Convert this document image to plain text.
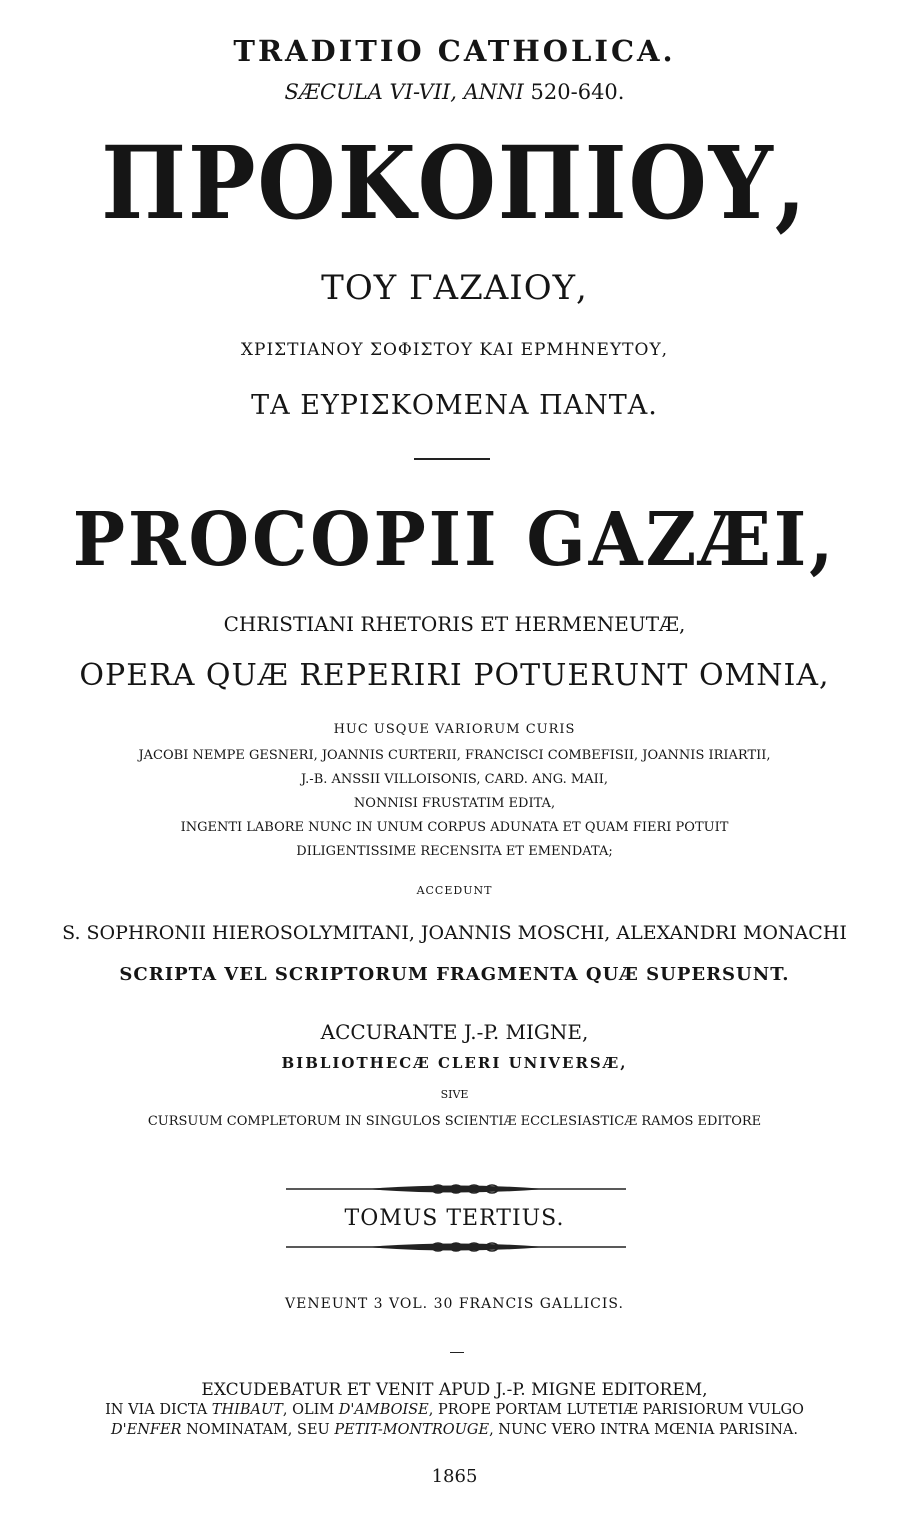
TRADITIO CATHOLICA.
SÆCULA VI-VII, ANNI 520-640.
ΠΡΟΚΟΠΙΟΥ,
ΤΟΥ ΓΑΖΑΙΟΥ,
ΧΡΙΣΤΙΑΝΟΥ ΣΟΦΙΣΤΟΥ ΚΑΙ ΕΡΜΗΝΕΥΤΟΥ,
ΤΑ ΕΥΡΙΣΚΟΜΕΝΑ ΠΑΝΤΑ.
PROCOPII GAZÆI,
CHRISTIANI RHETORIS ET HERMENEUTÆ,
OPERA QUÆ REPERIRI POTUERUNT OMNIA,
HUC USQUE VARIORUM CURIS
JACOBI NEMPE GESNERI, JOANNIS CURTERII, FRANCISCI COMBEFISII, JOANNIS IRIARTII,
J.-B. ANSSII VILLOISONIS, CARD. ANG. MAII,
NONNISI FRUSTATIM EDITA,
INGENTI LABORE NUNC IN UNUM CORPUS ADUNATA ET QUAM FIERI POTUIT
DILIGENTISSIME RECENSITA ET EMENDATA;
ACCEDUNT
S. SOPHRONII HIEROSOLYMITANI, JOANNIS MOSCHI, ALEXANDRI MONACHI
SCRIPTA VEL SCRIPTORUM FRAGMENTA QUÆ SUPERSUNT.
ACCURANTE J.-P. MIGNE,
BIBLIOTHECÆ CLERI UNIVERSÆ,
SIVE
CURSUUM COMPLETORUM IN SINGULOS SCIENTIÆ ECCLESIASTICÆ RAMOS EDITORE
TOMUS TERTIUS.
VENEUNT 3 VOL. 30 FRANCIS GALLICIS.
EXCUDEBATUR ET VENIT APUD J.-P. MIGNE EDITOREM,
IN VIA DICTA THIBAUT, OLIM D'AMBOISE, PROPE PORTAM LUTETIÆ PARISIORUM VULGO
D'ENFER NOMINATAM, SEU PETIT-MONTROUGE, NUNC VERO INTRA MŒNIA PARISINA.
1865
